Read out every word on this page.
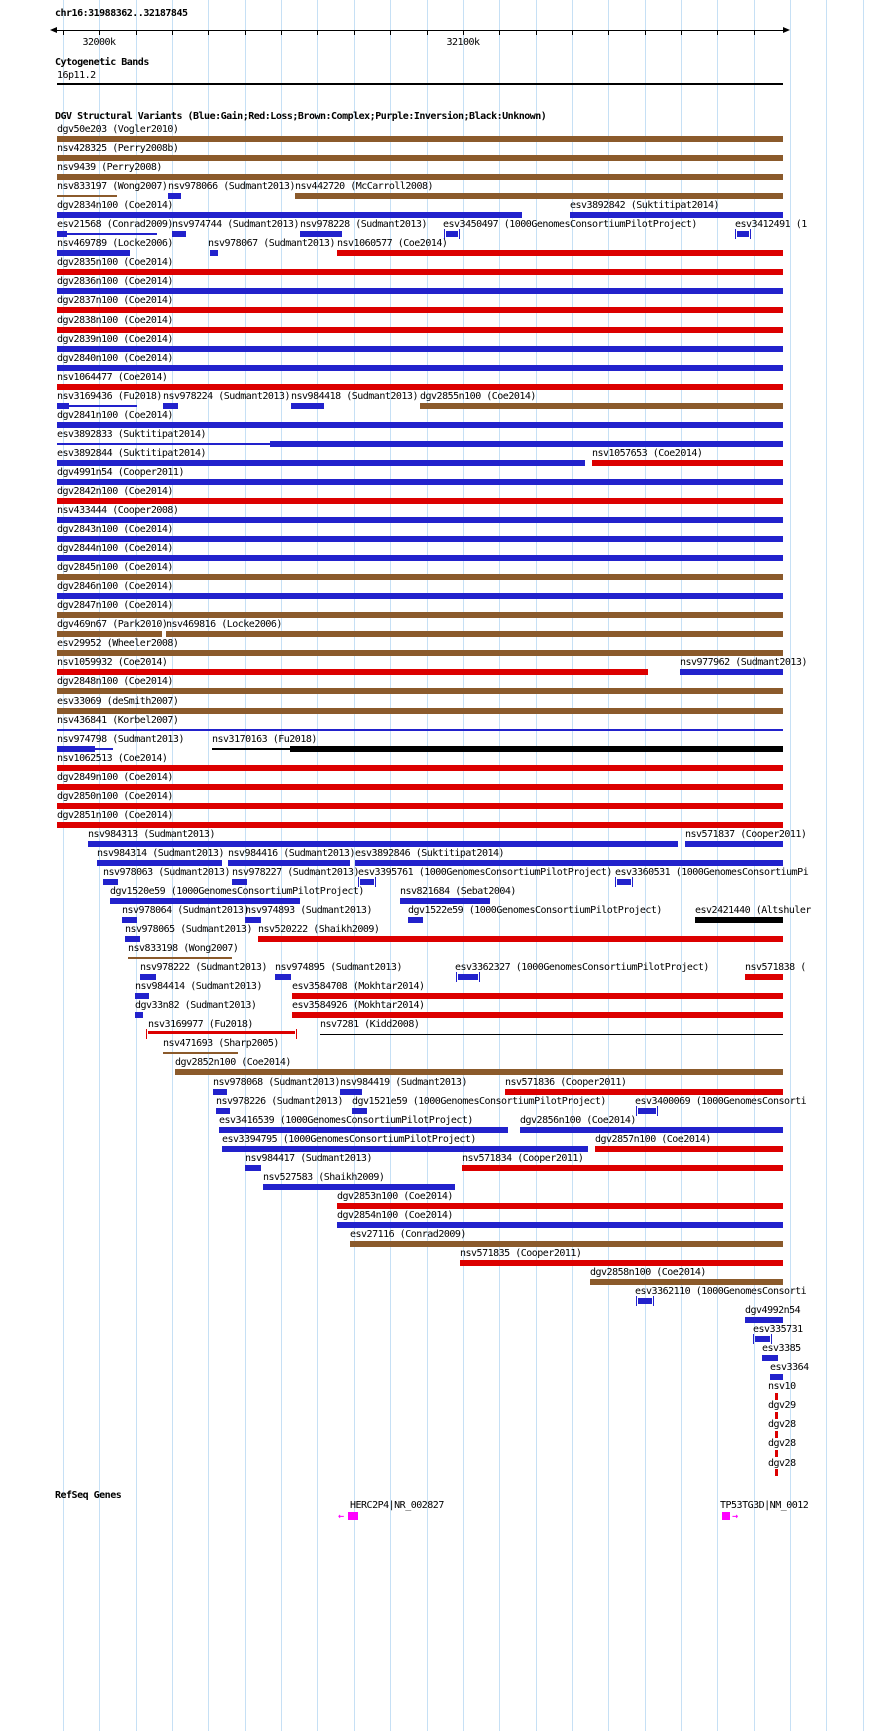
chr16:31988362..32187845
Cytogenetic Bands
16p11.2
DGV Structural Variants (Blue:Gain;Red:Loss;Brown:Complex;Purple:Inversion;Black:Unknown)
RefSeq Genes
32000k	32100k
dgv50e203 (Vogler2010)
nsv428325 (Perry2008b)
nsv9439 (Perry2008)
nsv833197 (Wong2007) nsv978066 (Sudmant2013) nsv442720 (McCarroll2008)
dgv2834n100 (Coe2014)	esv3892842 (Suktitipat2014)
esv21568 (Conrad2009) nsv974744 (Sudmant2013) nsv978228 (Sudmant2013) esv3450497 (1000GenomesConsortiumPilotProject)	esv3412491 (1
nsv469789 (Locke2006)	nsv978067 (Sudmant2013) nsv1060577 (Coe2014)
dgv2835n100 (Coe2014)
dgv2836n100 (Coe2014)
dgv2837n100 (Coe2014)
dgv2838n100 (Coe2014)
dgv2839n100 (Coe2014)
dgv2840n100 (Coe2014)
nsv1064477 (Coe2014)
nsv3169436 (Fu2018) nsv978224 (Sudmant2013) nsv984418 (Sudmant2013) dgv2855n100 (Coe2014)
dgv2841n100 (Coe2014)
esv3892833 (Suktitipat2014)
esv3892844 (Suktitipat2014)	nsv1057653 (Coe2014)
dgv4991n54 (Cooper2011)
dgv2842n100 (Coe2014)
nsv433444 (Cooper2008)
dgv2843n100 (Coe2014)
dgv2844n100 (Coe2014)
dgv2845n100 (Coe2014)
dgv2846n100 (Coe2014)
dgv2847n100 (Coe2014)
dgv469n67 (Park2010)
nsv469816 (Locke2006)
esv29952 (Wheeler2008)
nsv1059932 (Coe2014)	nsv977962 (Sudmant2013)
dgv2848n100 (Coe2014)
esv33069 (deSmith2007)
nsv436841 (Korbel2007)
nsv974798 (Sudmant2013)	nsv3170163 (Fu2018)
nsv1062513 (Coe2014)
dgv2849n100 (Coe2014)
dgv2850n100 (Coe2014)
dgv2851n100 (Coe2014)
nsv984313 (Sudmant2013)	nsv571837 (Cooper2011)
nsv984314 (Sudmant2013) nsv984416 (Sudmant2013) esv3892846 (Suktitipat2014)
nsv978063 (Sudmant2013) nsv978227 (Sudmant2013) esv3395761 (1000GenomesConsortiumPilotProject) esv3360531 (1000GenomesConsortiumPi
dgv1520e59 (1000GenomesConsortiumPilotProject)	nsv821684 (Sebat2004)
nsv978064 (Sudmant2013)
nsv974893 (Sudmant2013)	dgv1522e59 (1000GenomesConsortiumPilotProject)	esv2421440 (Altshuler
nsv978065 (Sudmant2013) nsv520222 (Shaikh2009)
nsv833198 (Wong2007)
nsv978222 (Sudmant2013) nsv974895 (Sudmant2013)	esv3362327 (1000GenomesConsortiumPilotProject)	nsv571838 (
nsv984414 (Sudmant2013)	esv3584708 (Mokhtar2014)
dgv33n82 (Sudmant2013)	esv3584926 (Mokhtar2014)
nsv3169977 (Fu2018)	nsv7281 (Kidd2008)
nsv471693 (Sharp2005)
dgv2852n100 (Coe2014)
nsv978068 (Sudmant2013) nsv984419 (Sudmant2013)	nsv571836 (Cooper2011)
nsv978226 (Sudmant2013) dgv1521e59 (1000GenomesConsortiumPilotProject)	esv3400069 (1000GenomesConsorti
esv3416539 (1000GenomesConsortiumPilotProject)	dgv2856n100 (Coe2014)
esv3394795 (1000GenomesConsortiumPilotProject)	dgv2857n100 (Coe2014)
nsv984417 (Sudmant2013)	nsv571834 (Cooper2011)
nsv527583 (Shaikh2009)
dgv2853n100 (Coe2014)
dgv2854n100 (Coe2014)
esv27116 (Conrad2009)
nsv571835 (Cooper2011)
dgv2858n100 (Coe2014)
esv3362110 (1000GenomesConsorti
dgv4992n54
esv335731
esv3385
esv3364
nsv10
dgv29
dgv28
dgv28
dgv28
HERC2P4|NR_002827
←
TP53TG3D|NM_0012
→
